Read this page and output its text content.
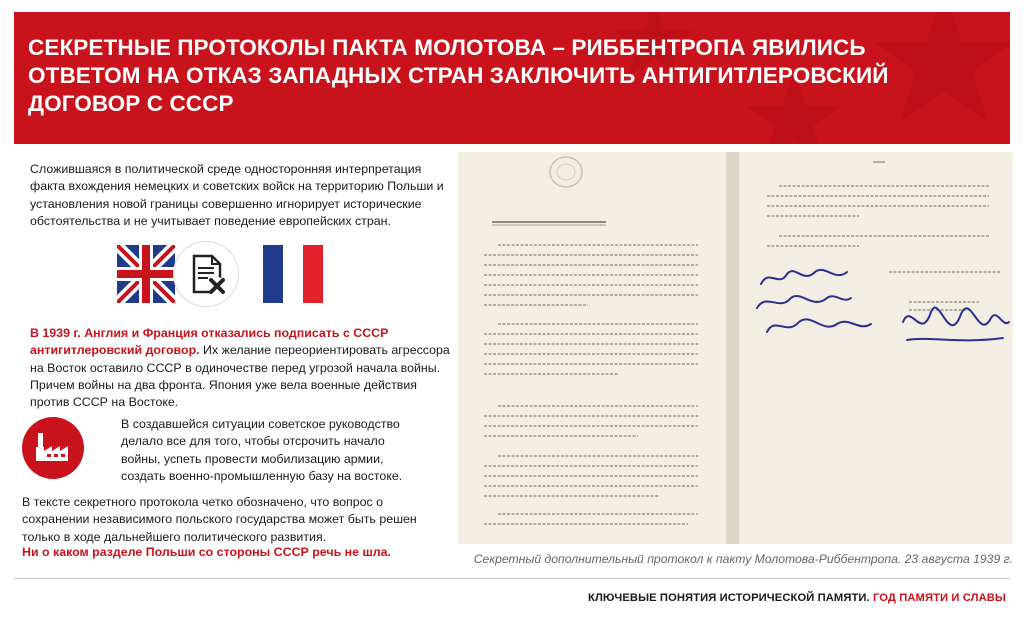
СЕКРЕТНЫЕ ПРОТОКОЛЫ ПАКТА МОЛОТОВА – РИББЕНТРОПА ЯВИЛИСЬ ОТВЕТОМ НА ОТКАЗ ЗАПАДНЫХ СТРАН ЗАКЛЮЧИТЬ АНТИГИТЛЕРОВСКИЙ ДОГОВОР С СССР

Сложившаяся в политической среде односторонняя интерпретация факта вхождения немецких и советских войск на территорию Польши и установления новой границы совершенно игнорирует исторические обстоятельства и не учитывает поведение европейских стран.

В 1939 г. Англия и Франция отказались подписать с СССР антигитлеровский договор. Их желание переориентировать агрессора на Восток оставило СССР в одиночестве перед угрозой начала войны. Причем войны на два фронта. Япония уже вела военные действия против СССР на Востоке.

В создавшейся ситуации советское руководство делало все для того, чтобы отсрочить начало войны, успеть провести мобилизацию армии, создать военно-промышленную базу на востоке.

В тексте секретного протокола четко обозначено, что вопрос о сохранении независимого польского государства может быть решен только в ходе дальнейшего политического развития.

Ни о каком разделе Польши со стороны СССР речь не шла.	Секретный дополнительный протокол к пакту Молотова-Риббентропа. 23 августа 1939 г.
КЛЮЧЕВЫЕ ПОНЯТИЯ ИСТОРИЧЕСКОЙ ПАМЯТИ. ГОД ПАМЯТИ И СЛАВЫ
